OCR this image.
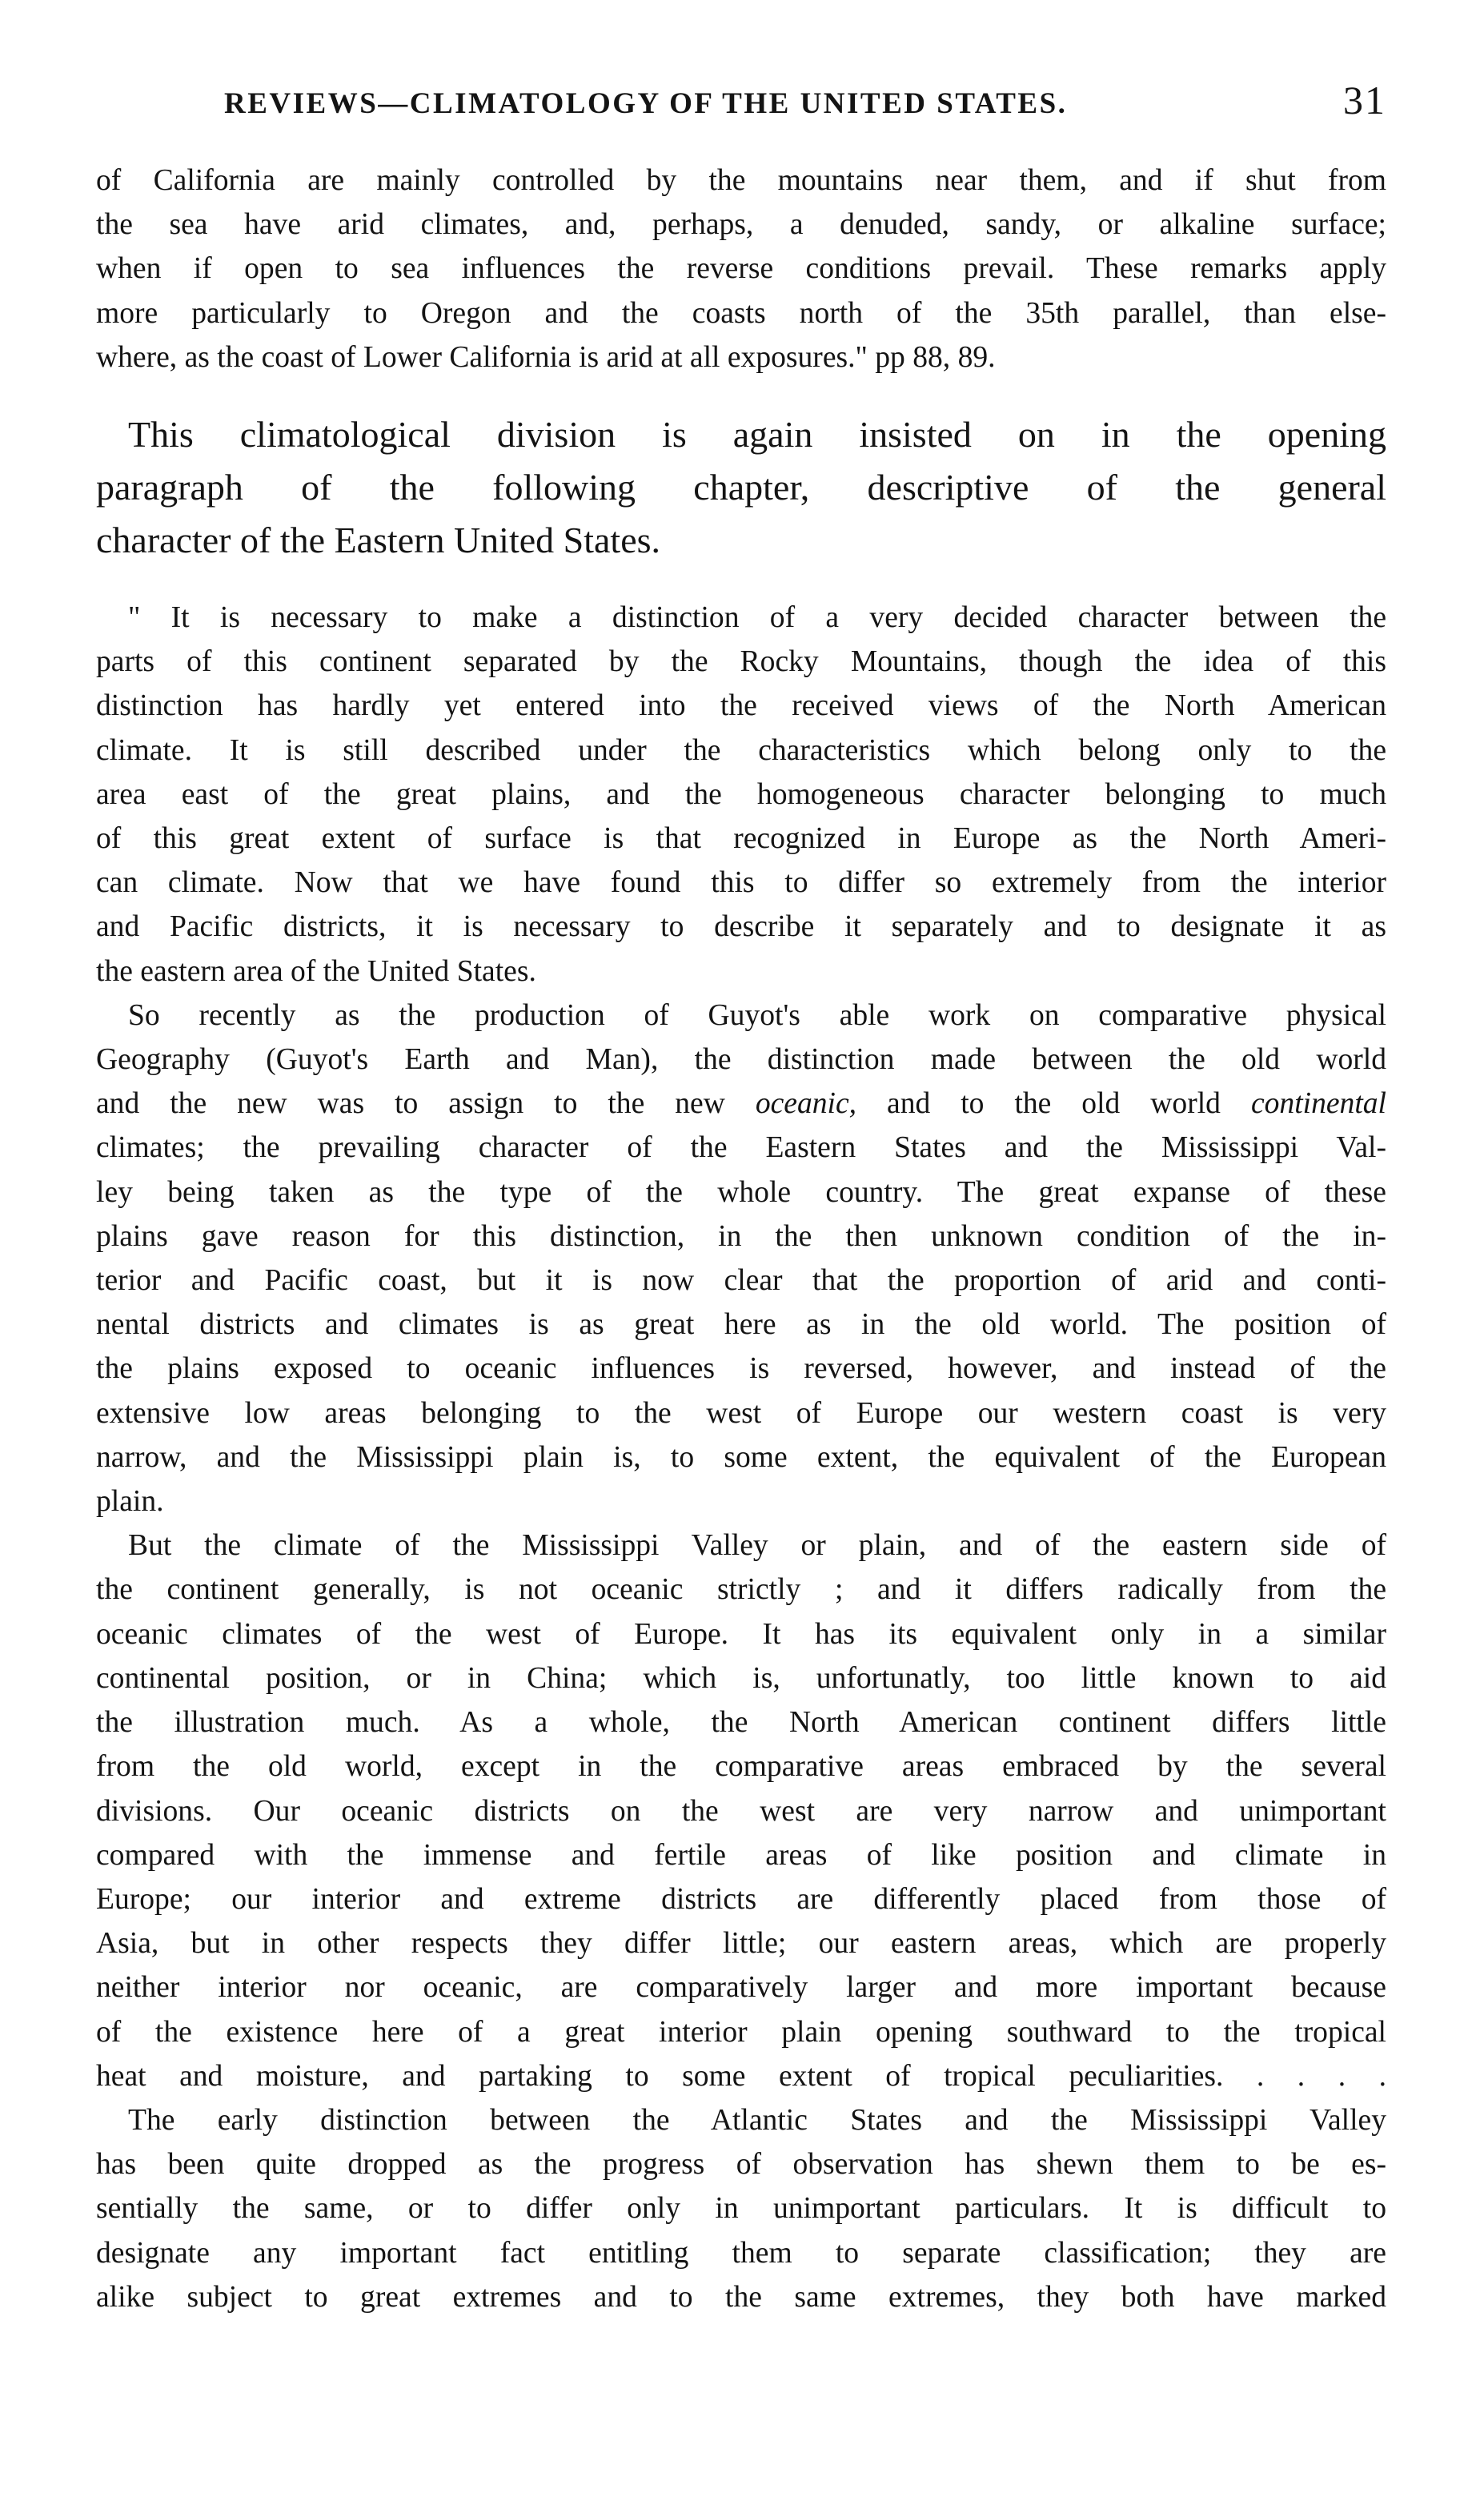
REVIEWS—CLIMATOLOGY OF THE UNITED STATES.	31

of California are mainly controlled by the mountains near them, and if shut from
the sea have arid climates, and, perhaps, a denuded, sandy, or alkaline surface;
when if open to sea influences the reverse conditions prevail. These remarks apply
more particularly to Oregon and the coasts north of the 35th parallel, than else-
where, as the coast of Lower California is arid at all exposures." pp 88, 89.

This climatological division is again insisted on in the opening
paragraph of the following chapter, descriptive of the general
character of the Eastern United States.

" It is necessary to make a distinction of a very decided character between the
parts of this continent separated by the Rocky Mountains, though the idea of this
distinction has hardly yet entered into the received views of the North American
climate. It is still described under the characteristics which belong only to the
area east of the great plains, and the homogeneous character belonging to much
of this great extent of surface is that recognized in Europe as the North Ameri-
can climate. Now that we have found this to differ so extremely from the interior
and Pacific districts, it is necessary to describe it separately and to designate it as
the eastern area of the United States.

So recently as the production of Guyot's able work on comparative physical
Geography (Guyot's Earth and Man), the distinction made between the old world
and the new was to assign to the new oceanic, and to the old world continental
climates; the prevailing character of the Eastern States and the Mississippi Val-
ley being taken as the type of the whole country. The great expanse of these
plains gave reason for this distinction, in the then unknown condition of the in-
terior and Pacific coast, but it is now clear that the proportion of arid and conti-
nental districts and climates is as great here as in the old world. The position of
the plains exposed to oceanic influences is reversed, however, and instead of the
extensive low areas belonging to the west of Europe our western coast is very
narrow, and the Mississippi plain is, to some extent, the equivalent of the European
plain.

But the climate of the Mississippi Valley or plain, and of the eastern side of
the continent generally, is not oceanic strictly ; and it differs radically from the
oceanic climates of the west of Europe. It has its equivalent only in a similar
continental position, or in China; which is, unfortunatly, too little known to aid
the illustration much. As a whole, the North American continent differs little
from the old world, except in the comparative areas embraced by the several
divisions. Our oceanic districts on the west are very narrow and unimportant
compared with the immense and fertile areas of like position and climate in
Europe; our interior and extreme districts are differently placed from those of
Asia, but in other respects they differ little; our eastern areas, which are properly
neither interior nor oceanic, are comparatively larger and more important because
of the existence here of a great interior plain opening southward to the tropical
heat and moisture, and partaking to some extent of tropical peculiarities. . . . .

The early distinction between the Atlantic States and the Mississippi Valley
has been quite dropped as the progress of observation has shewn them to be es-
sentially the same, or to differ only in unimportant particulars. It is difficult to
designate any important fact entitling them to separate classification; they are
alike subject to great extremes and to the same extremes, they both have marked
